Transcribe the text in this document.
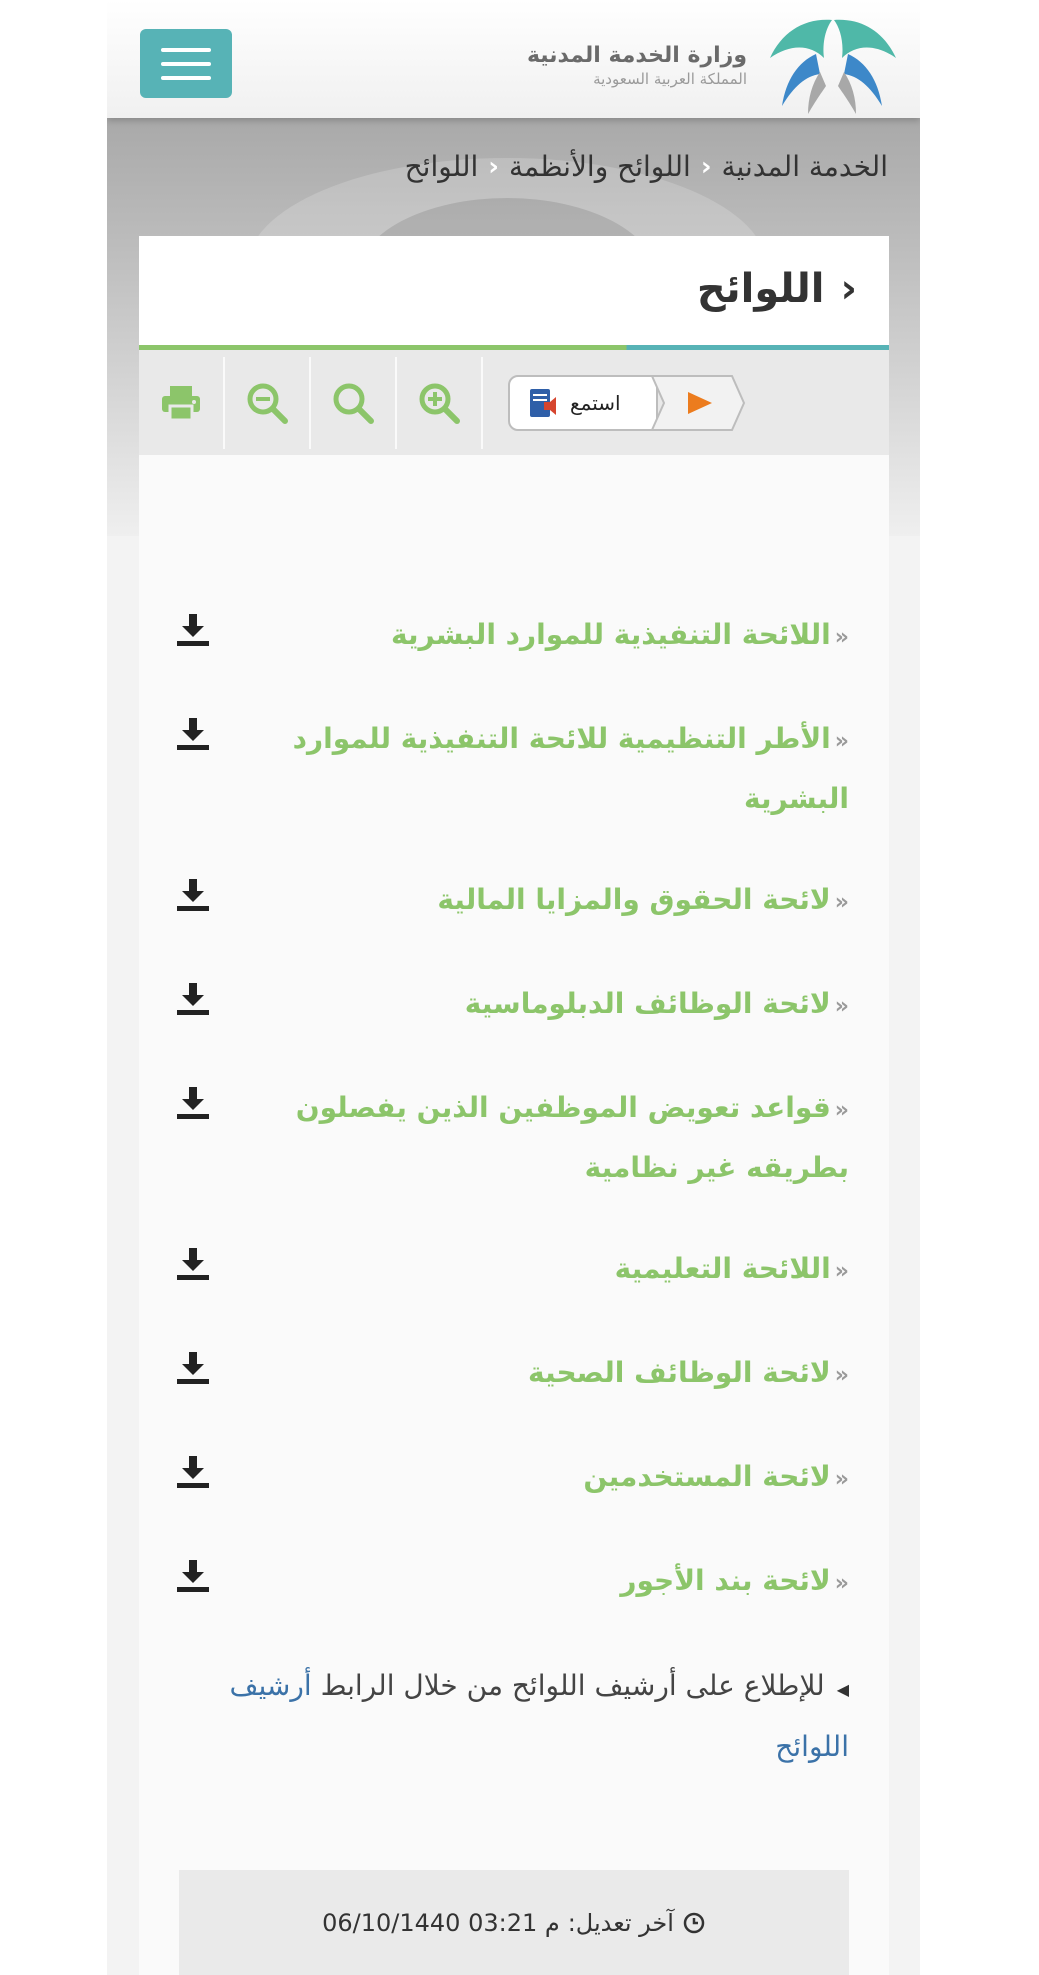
وزارة الخدمة المدنية
المملكة العربية السعودية
الخدمة المدنية
‹
اللوائح والأنظمة
‹
اللوائح
‹
اللوائح
استمع
«اللائحة التنفيذية للموارد البشرية
«الأطر التنظيمية للائحة التنفيذية للموارد البشرية
«لائحة الحقوق والمزايا المالية
«لائحة الوظائف الدبلوماسية
«قواعد تعويض الموظفين الذين يفصلون بطريقه غير نظامية
«اللائحة التعليمية
«لائحة الوظائف الصحية
«لائحة المستخدمين
«لائحة بند الأجور
◀للإطلاع على أرشيف اللوائح من خلال الرابط أرشيف اللوائح
آخر تعديل:
06/10/1440 03:21 م
